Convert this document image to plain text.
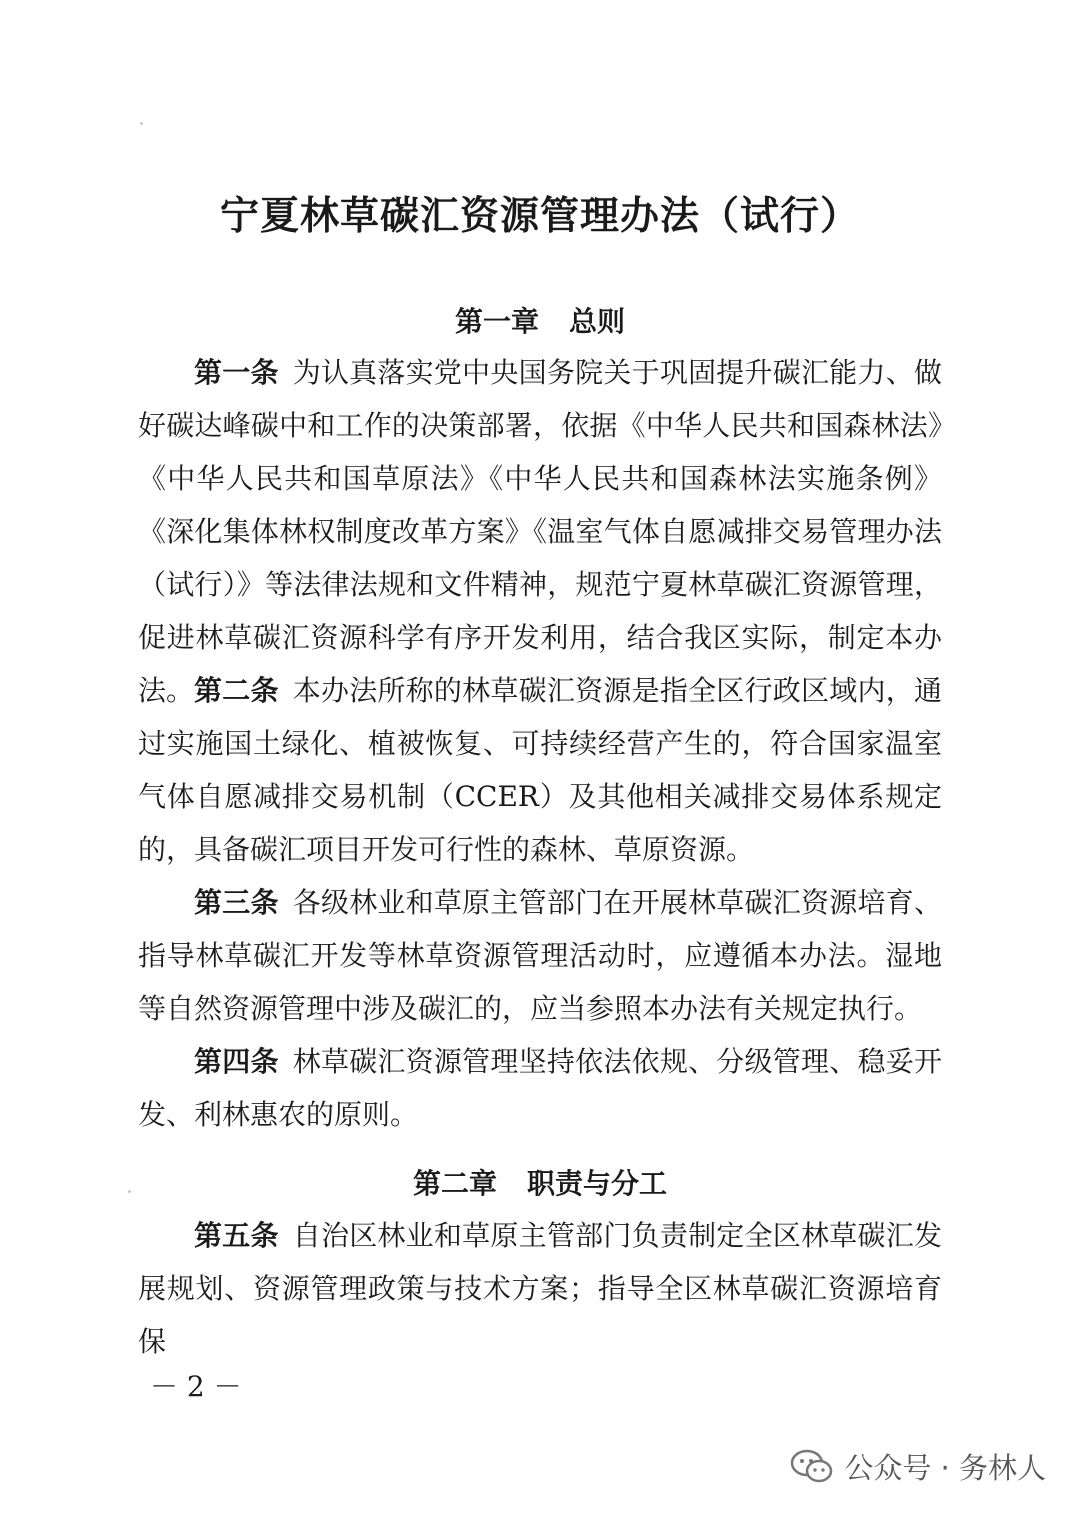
宁夏林草碳汇资源管理办法（试行）
第一章 总则

第一条 为认真落实党中央国务院关于巩固提升碳汇能力、做好碳达峰碳中和工作的决策部署，依据《中华人民共和国森林法》《中华人民共和国草原法》《中华人民共和国森林法实施条例》《深化集体林权制度改革方案》《温室气体自愿减排交易管理办法（试行）》等法律法规和文件精神，规范宁夏林草碳汇资源管理，促进林草碳汇资源科学有序开发利用，结合我区实际，制定本办法。 第二条 本办法所称的林草碳汇资源是指全区行政区域内，通过实施国土绿化、植被恢复、可持续经营产生的，符合国家温室气体自愿减排交易机制（CCER）及其他相关减排交易体系规定的，具备碳汇项目开发可行性的森林、草原资源。

第三条 各级林业和草原主管部门在开展林草碳汇资源培育、指导林草碳汇开发等林草资源管理活动时，应遵循本办法。湿地等自然资源管理中涉及碳汇的，应当参照本办法有关规定执行。

第四条 林草碳汇资源管理坚持依法依规、分级管理、稳妥开发、利林惠农的原则。

第二章 职责与分工

第五条 自治区林业和草原主管部门负责制定全区林草碳汇发展规划、资源管理政策与技术方案；指导全区林草碳汇资源培育保

－ 2 －
公众号 · 务林人
